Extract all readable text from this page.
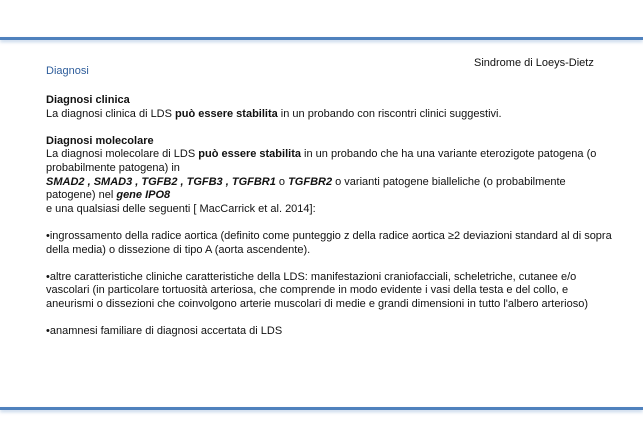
Sindrome di Loeys-Dietz
Diagnosi

Diagnosi clinica

La diagnosi clinica di LDS può essere stabilita in un probando con riscontri clinici suggestivi.

Diagnosi molecolare

La diagnosi molecolare di LDS può essere stabilita in un probando che ha una variante eterozigote patogena (o probabilmente patogena) in

SMAD2 , SMAD3 , TGFB2 , TGFB3 , TGFBR1 o TGFBR2 o varianti patogene bialleliche (o probabilmente patogene) nel gene IPO8

e una qualsiasi delle seguenti [ MacCarrick et al. 2014]:

•ingrossamento della radice aortica (definito come punteggio z della radice aortica ≥2 deviazioni standard al di sopra della media) o dissezione di tipo A (aorta ascendente).

•altre caratteristiche cliniche caratteristiche della LDS: manifestazioni craniofacciali, scheletriche, cutanee e/o vascolari (in particolare tortuosità arteriosa, che comprende in modo evidente i vasi della testa e del collo, e aneurismi o dissezioni che coinvolgono arterie muscolari di medie e grandi dimensioni in tutto l'albero arterioso)

•anamnesi familiare di diagnosi accertata di LDS
